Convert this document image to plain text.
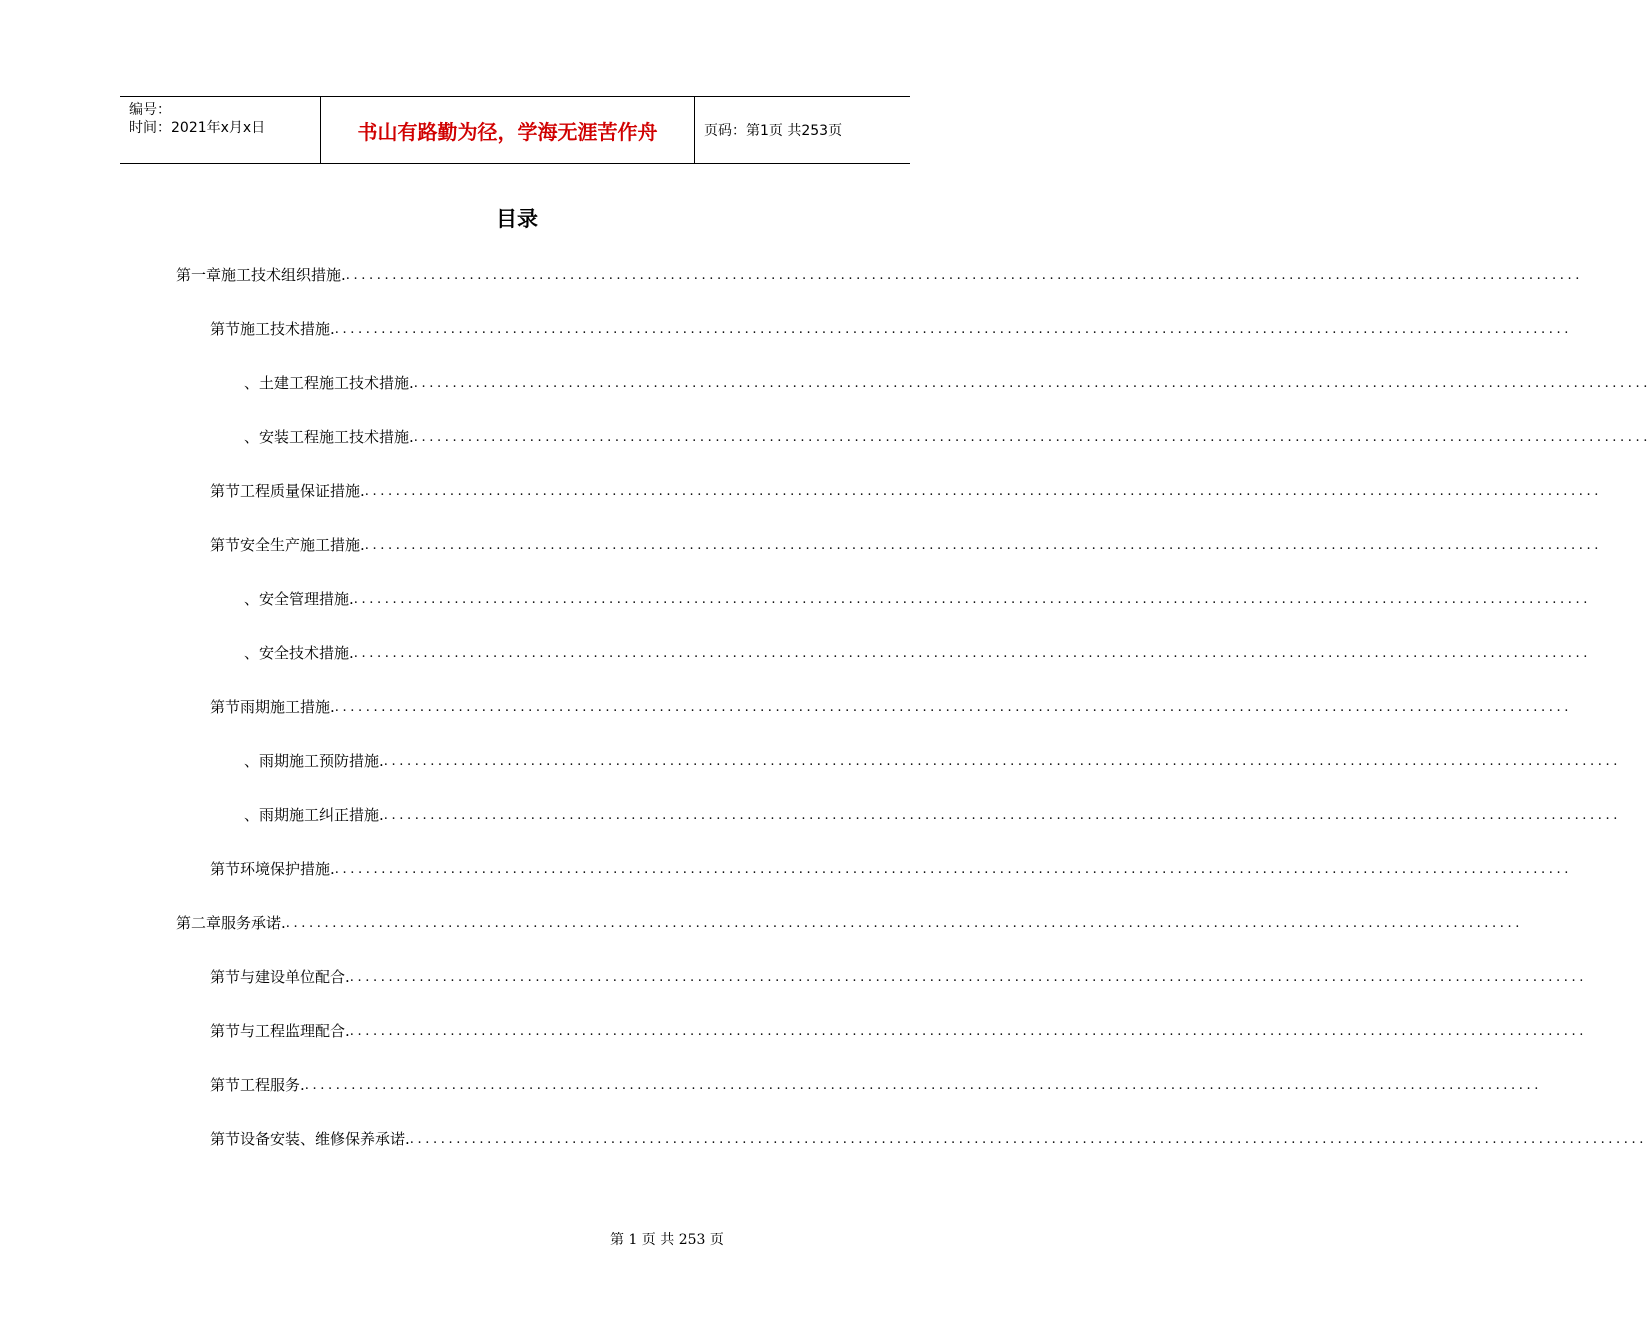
编号：
时间：2021年x月x日	书山有路勤为径，学海无涯苦作舟	页码：第1页 共253页
目录
第一章 施工技术组织措施. ................................................................................................................................................................
第节 施工技术措施. ................................................................................................................................................................
、 土建工程施工技术措施. ................................................................................................................................................................
、 安装工程施工技术措施. ................................................................................................................................................................
第节 工程质量保证措施. ................................................................................................................................................................
第节 安全生产施工措施. ................................................................................................................................................................
、 安全管理措施. ................................................................................................................................................................
、 安全技术措施. ................................................................................................................................................................
第节 雨期施工措施. ................................................................................................................................................................
、 雨期施工预防措施. ................................................................................................................................................................
、 雨期施工纠正措施. ................................................................................................................................................................
第节 环境保护措施. ................................................................................................................................................................
第二章 服务承诺. ................................................................................................................................................................
第节 与建设单位配合. ................................................................................................................................................................
第节 与工程监理配合. ................................................................................................................................................................
第节 工程服务. ................................................................................................................................................................
第节 设备安装、维修保养承诺. ................................................................................................................................................................
第 1 页 共 253 页
